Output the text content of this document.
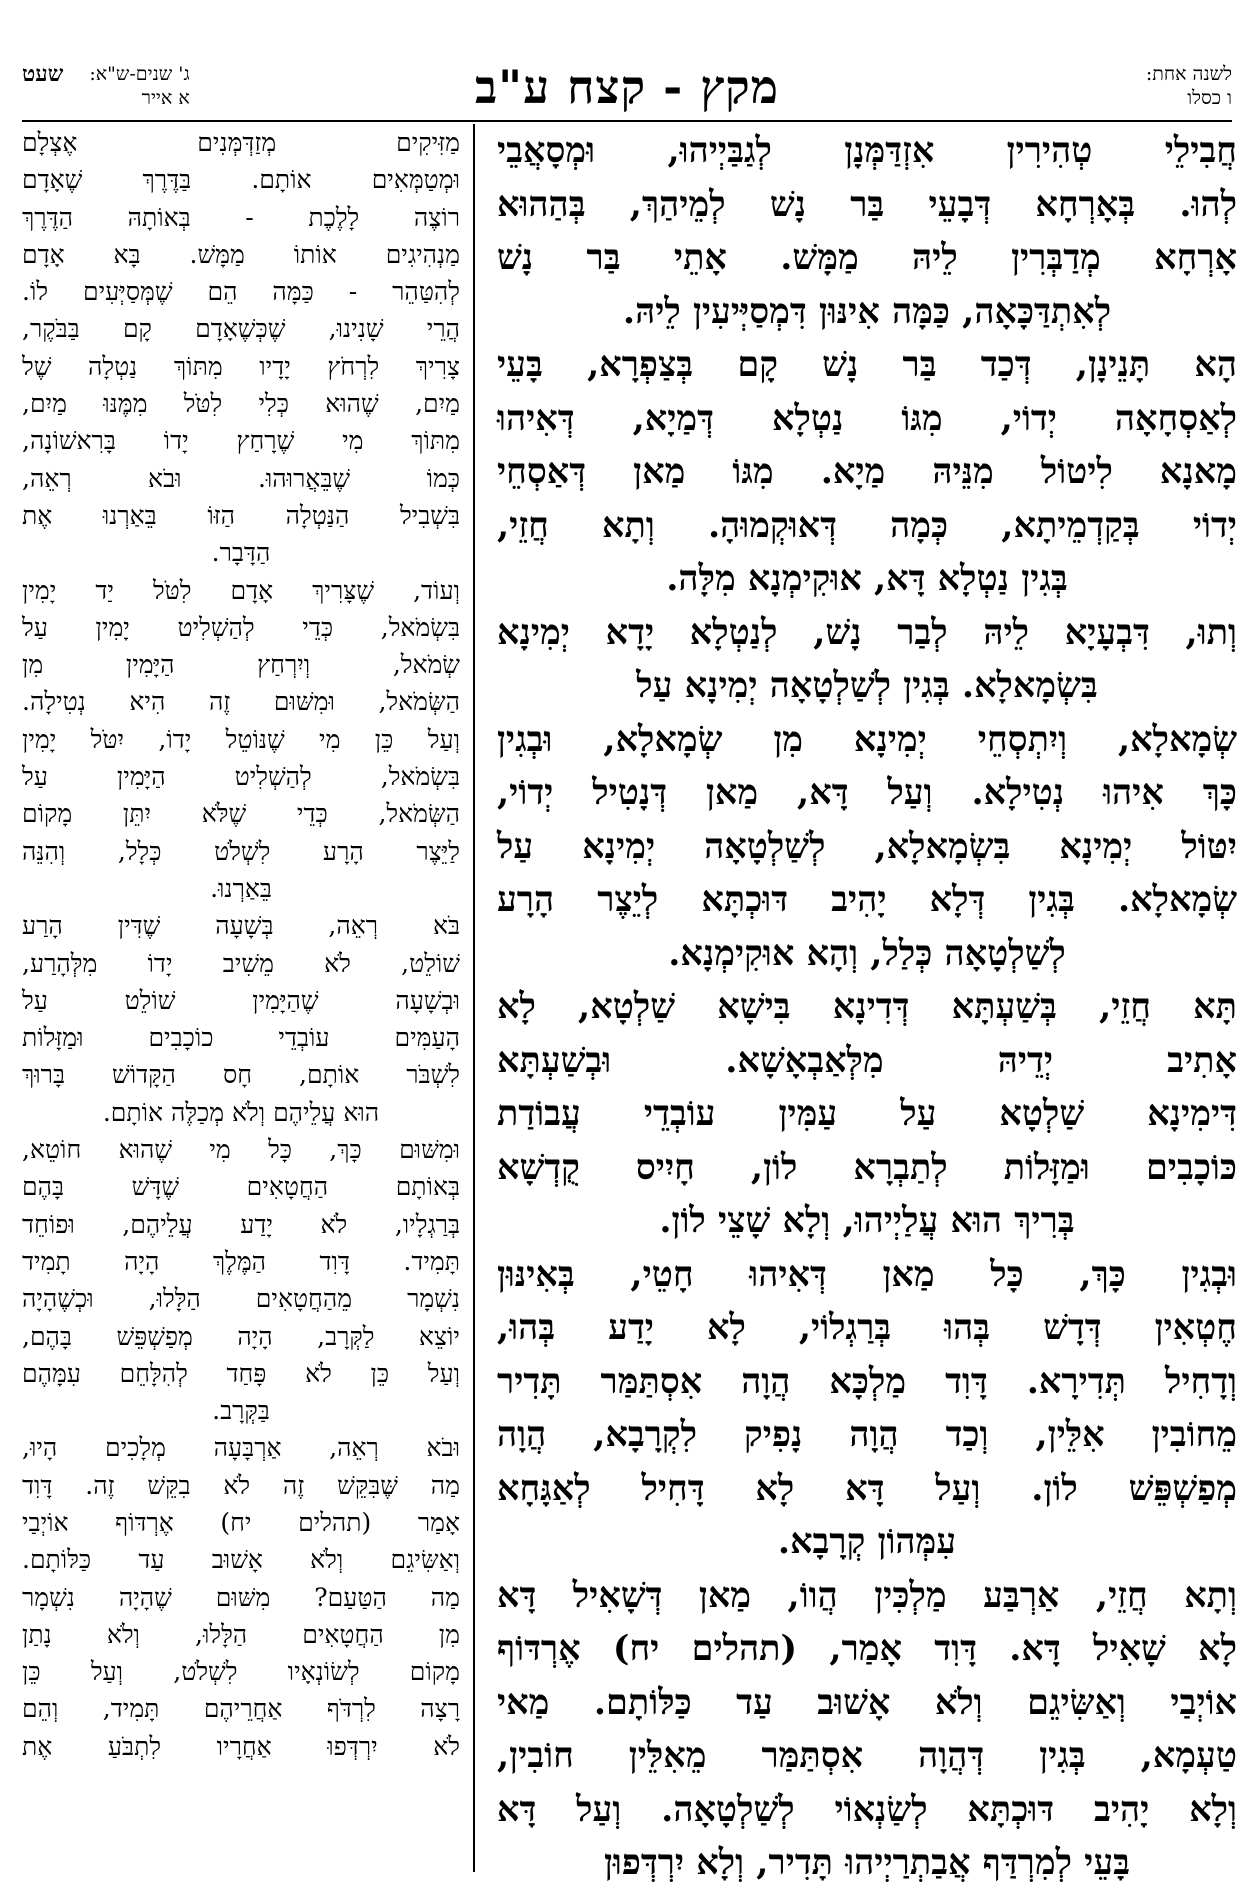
לשנה אחת:
ו כסלו
מקץ - קצח ע"ב
ג' שנים-ש"א:
שעט
א אייר

חֲבִילֵי טְהִירִין אִזְדַּמְּנָן לְגַבַּיְיהוּ, וּמְסָאֲבֵי

לְהוּ. בְּאָרְחָא דְּבָעֵי בַּר נָשׁ לְמֵיהַךְ, בְּהַהוּא

אָרְחָא מְדַבְּרִין לֵיהּ מַמָּשׁ. אָתֵי בַּר נָשׁ

לְאִתְדַּכָּאָה, כַּמָּה אִינּוּן דִּמְסַיְּיעִין לֵיהּ.

הָא תָּנֵינָן, דְּכַד בַּר נָשׁ קָם בְּצַפְרָא, בָּעֵי

לְאַסְחָאָה יְדוֹי, מִגּוֹ נַטְלָא דְּמַיָא, דְּאִיהוּ

מָאנָא לִיטוֹל מִנֵּיהּ מַיָא. מִגּוֹ מַאן דְּאַסְחֵי

יְדוֹי בְּקַדְמֵיתָא, כְּמָה דְּאוּקְמוּהָ. וְתָא חֲזֵי,

בְּגִין נַטְלָא דָּא, אוּקִימְנָא מִלָּה.

וְתוּ, דִּבְעָיָא לֵיהּ לְבַר נָשׁ, לְנַטְלָא יָדָא יְמִינָא

בִּשְׂמָאלָא. בְּגִין לְשַׁלְטָאָה יְמִינָא עַל

שְׂמָאלָא, וְיִתְסְחֵי יְמִינָא מִן שְׂמָאלָא, וּבְגִין

כָּךְ אִיהוּ נְטִילָא. וְעַל דָּא, מַאן דְּנָטִיל יְדוֹי,

יִטּוֹל יְמִינָא בִּשְׂמָאלָא, לְשַׁלְטָאָה יְמִינָא עַל

שְׂמָאלָא. בְּגִין דְּלָא יָהִיב דּוּכְתָּא לְיֵצֶר הָרָע

לְשַׁלְטָאָה כְּלַל, וְהָא אוּקִימְנָא.

תָּא חֲזֵי, בְּשַׁעְתָּא דְּדִינָא בִּישָׁא שַׁלְטָא, לָא

אָתִיב יְדֵיהּ מִלְּאַבְאָשָׁא. וּבְשַׁעְתָּא

דִּימִינָא שַׁלְטָא עַל עַמִּין עוֹבְדֵי עֲבוֹדַת

כּוֹכָבִים וּמַזָּלוֹת לְתַבְרָא לוֹן, חָיִיס קֻדְשָׁא

בְּרִיךְ הוּא עֲלַיְיהוּ, וְלָא שָׁצֵי לוֹן.

וּבְגִין כָּךְ, כָּל מַאן דְּאִיהוּ חָטֵי, בְּאִינּוּן

חֶטְאִין דְּדָשׁ בְּהוּ בְּרַגְלוֹי, לָא יָדַע בְּהוּ,

וְדָחִיל תְּדִירָא. דָּוִד מַלְכָּא הֲוָה אִסְתַּמַּר תָּדִיר

מֵחוֹבִין אִלֵּין, וְכַד הֲוָה נָפִיק לִקְרָבָא, הֲוָה

מְפַשְׁפֵּשׁ לוֹן. וְעַל דָּא לָא דָּחִיל לְאַגָּחָא

עִמְּהוֹן קְרָבָא.

וְתָא חֲזֵי, אַרְבַּע מַלְכִּין הֲווֹ, מַאן דְּשָׁאִיל דָּא

לָא שָׁאִיל דָּא. דָּוִד אָמַר, (תהלים יח) אֶרְדּוֹף

אוֹיְבַי וְאַשִּׂיגֵם וְלֹא אָשׁוּב עַד כַּלּוֹתָם. מַאי

טַעְמָא, בְּגִין דְּהֲוָה אִסְתַּמַּר מֵאִלֵּין חוֹבִין,

וְלָא יָהִיב דּוּכְתָּא לְשַׂנְאוֹי לְשַׁלְטָאָה. וְעַל דָּא

בָּעֵי לְמִרְדַּף אֲבַתְרַיְיהוּ תָּדִיר, וְלָא יִרְדְּפוּן

מַזִּיקִים מְזַדְּמְּנִים אֶצְלָם

וּמְטַמְּאִים אוֹתָם. בַּדֶּרֶךְ שֶׁאָדָם

רוֹצֶה לָלֶכֶת - בְּאוֹתָהּ הַדֶּרֶךְ

מַנְהִיגִים אוֹתוֹ מַמָּשׁ. בָּא אָדָם

לְהִטַּהֵר - כַּמָּה הֵם שֶׁמְּסַיְּעִים לוֹ.

הֲרֵי שָׁנִינוּ, שֶׁכְּשֶׁאָדָם קָם בַּבֹּקֶר,

צָרִיךְ לִרְחֹץ יָדָיו מִתּוֹךְ נַטְלָה שֶׁל

מַיִם, שֶׁהוּא כְּלִי לִטֹּל מִמֶּנּוּ מַיִם,

מִתּוֹךְ מִי שֶׁרָחַץ יָדוֹ בָּרִאשׁוֹנָה,

כְּמוֹ שֶׁבֵּאֲרוּהוּ. וּבֹא רְאֵה,

בִּשְׁבִיל הַנַּטְלָה הַזּוֹ בֵּאַרְנוּ אֶת

הַדָּבָר.

וְעוֹד, שֶׁצָּרִיךְ אָדָם לִטֹּל יַד יָמִין

בִּשְׂמֹאל, כְּדֵי לְהַשְׁלִיט יָמִין עַל

שְׂמֹאל, וְיִרְחַץ הַיָּמִין מִן

הַשְּׂמֹאל, וּמִשּׁוּם זֶה הִיא נְטִילָה.

וְעַל כֵּן מִי שֶׁנּוֹטֵל יָדוֹ, יִטֹּל יָמִין

בִּשְׂמֹאל, לְהַשְׁלִיט הַיָּמִין עַל

הַשְּׂמֹאל, כְּדֵי שֶׁלֹּא יִתֵּן מָקוֹם

לַיֵּצֶר הָרָע לִשְׁלֹט כְּלָל, וְהִנֵּה

בֵּאַרְנוּ.

בֹּא רְאֵה, בְּשָׁעָה שֶׁדִּין הָרַע

שׁוֹלֵט, לֹא מֵשִׁיב יָדוֹ מִלְּהָרַע,

וּבְשָׁעָה שֶׁהַיָּמִין שׁוֹלֵט עַל

הָעַמִּים עוֹבְדֵי כוֹכָבִים וּמַזָּלוֹת

לִשְׁבֹּר אוֹתָם, חָס הַקָּדוֹשׁ בָּרוּךְ

הוּא עֲלֵיהֶם וְלֹא מְכַלֶּה אוֹתָם.

וּמִשּׁוּם כָּךְ, כָּל מִי שֶׁהוּא חוֹטֵא,

בְּאוֹתָם הַחֲטָאִים שֶׁדָּשׁ בָּהֶם

בְּרַגְלָיו, לֹא יָדַע עֲלֵיהֶם, וּפוֹחֵד

תָּמִיד. דָּוִד הַמֶּלֶךְ הָיָה תָמִיד

נִשְׁמָר מֵהַחֲטָאִים הַלָּלוּ, וּכְשֶׁהָיָה

יוֹצֵא לַקְּרָב, הָיָה מְפַשְׁפֵּשׁ בָּהֶם,

וְעַל כֵּן לֹא פָּחַד לְהִלָּחֵם עִמָּהֶם

בַּקְּרָב.

וּבֹא רְאֵה, אַרְבָּעָה מְלָכִים הָיוּ,

מַה שֶּׁבִּקֵּשׁ זֶה לֹא בִקֵּשׁ זֶה. דָּוִד

אָמַר (תהלים יח) אֶרְדּוֹף אוֹיְבַי

וְאַשִּׂיגֵם וְלֹא אָשׁוּב עַד כַּלּוֹתָם.

מַה הַטַּעַם? מִשּׁוּם שֶׁהָיָה נִשְׁמָר

מִן הַחֲטָאִים הַלָּלוּ, וְלֹא נָתַן

מָקוֹם לְשׂוֹנְאָיו לִשְׁלֹט, וְעַל כֵּן

רָצָה לִרְדֹּף אַחֲרֵיהֶם תָּמִיד, וְהֵם

לֹא יִרְדְּפוּ אַחֲרָיו לִתְבֹּעַ אֶת
